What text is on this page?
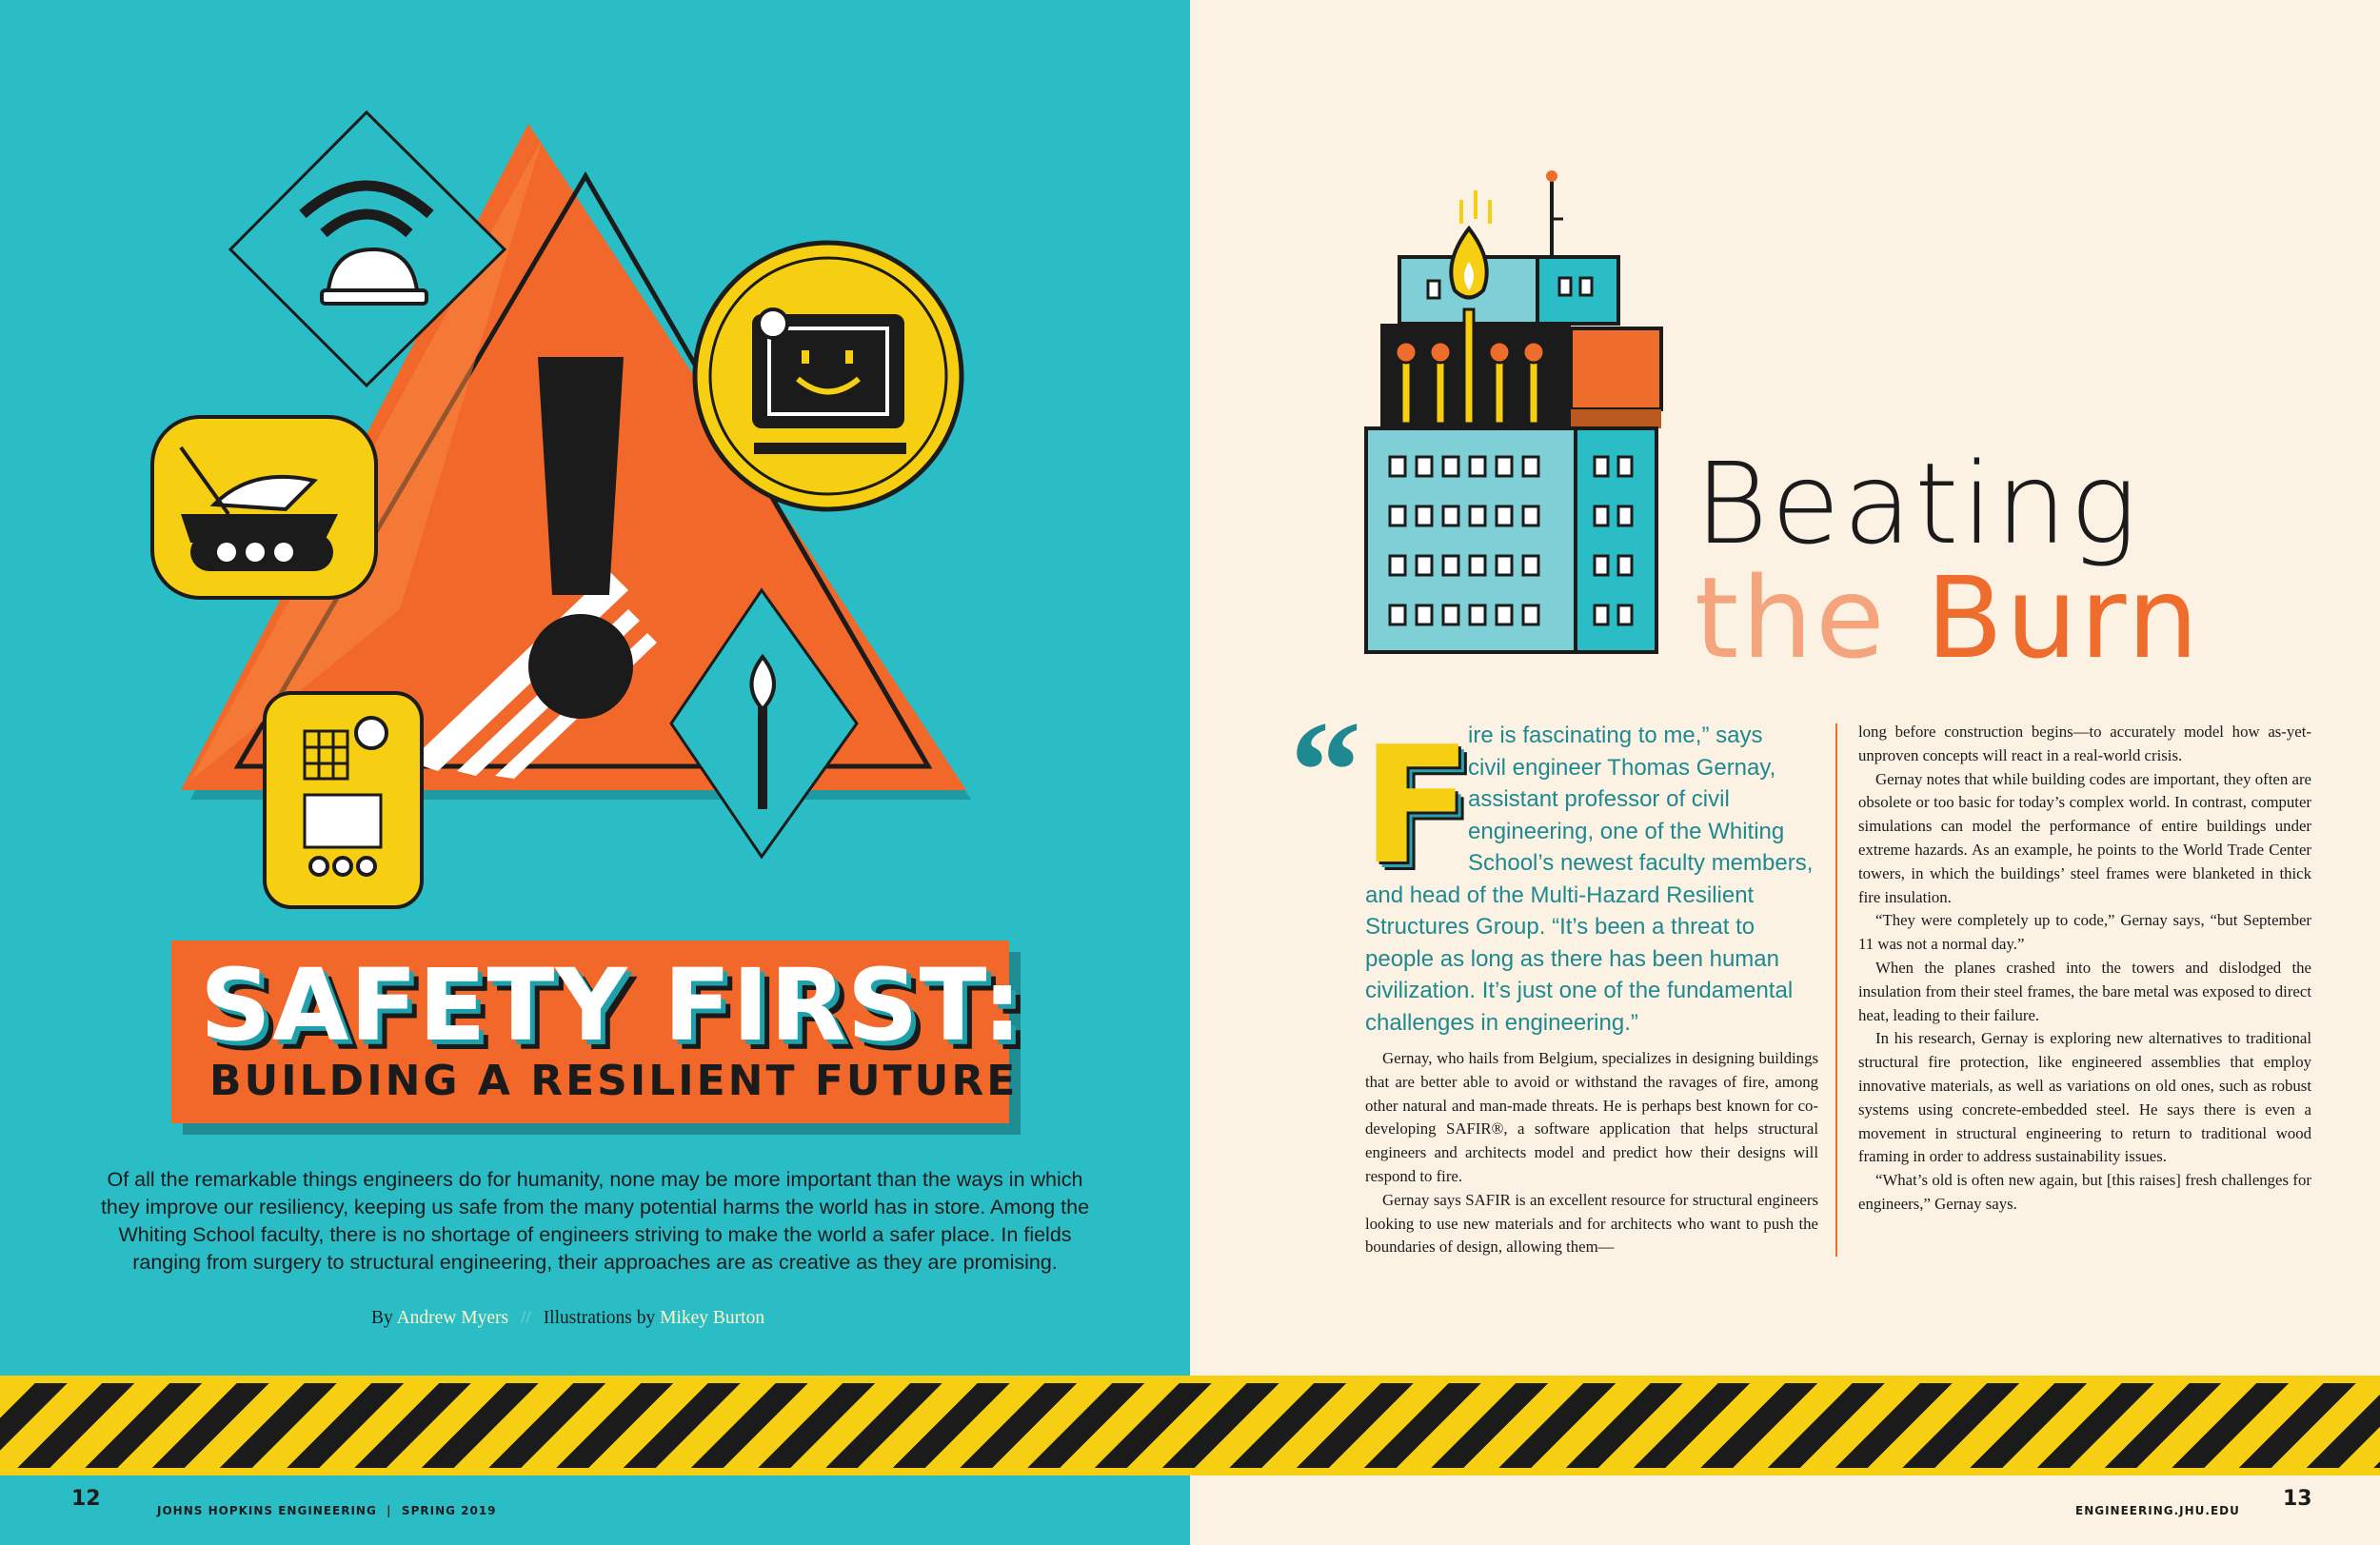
SAFETY FIRST:
BUILDING A RESILIENT FUTURE
Of all the remarkable things engineers do for humanity, none may be more important than the ways in which they improve our resiliency, keeping us safe from the many potential harms the world has in store. Among the Whiting School faculty, there is no shortage of engineers striving to make the world a safer place. In fields ranging from surgery to structural engineering, their approaches are as creative as they are promising.
By Andrew Myers // Illustrations by Mikey Burton
Beating
the Burn
“ F
ire is fascinating to me,” says
civil engineer Thomas Gernay,
assistant professor of civil
engineering, one of the Whiting
School’s newest faculty members,
and head of the Multi-Hazard Resilient
Structures Group. “It’s been a threat to
people as long as there has been human
civilization. It’s just one of the fundamental
challenges in engineering.”

Gernay, who hails from Belgium, specializes in designing buildings that are better able to avoid or withstand the ravages of fire, among other natural and man-made threats. He is perhaps best known for co-developing SAFIR®, a software application that helps structural engineers and architects model and predict how their designs will respond to fire.

Gernay says SAFIR is an excellent resource for structural engineers looking to use new materials and for architects who want to push the boundaries of design, allowing them—

long before construction begins—to accurately model how as-yet-unproven concepts will react in a real-world crisis.

Gernay notes that while building codes are important, they often are obsolete or too basic for today’s complex world. In contrast, computer simulations can model the performance of entire buildings under extreme hazards. As an example, he points to the World Trade Center towers, in which the buildings’ steel frames were blanketed in thick fire insulation.

“They were completely up to code,” Gernay says, “but September 11 was not a normal day.”

When the planes crashed into the towers and dislodged the insulation from their steel frames, the bare metal was exposed to direct heat, leading to their failure.

In his research, Gernay is exploring new alternatives to traditional structural fire protection, like engineered assemblies that employ innovative materials, as well as variations on old ones, such as robust systems using concrete-embedded steel. He says there is even a movement in structural engineering to return to traditional wood framing in order to address sustainability issues.

“What’s old is often new again, but [this raises] fresh challenges for engineers,” Gernay says.

12	JOHNS HOPKINS ENGINEERING  |  SPRING 2019	ENGINEERING.JHU.EDU 13
